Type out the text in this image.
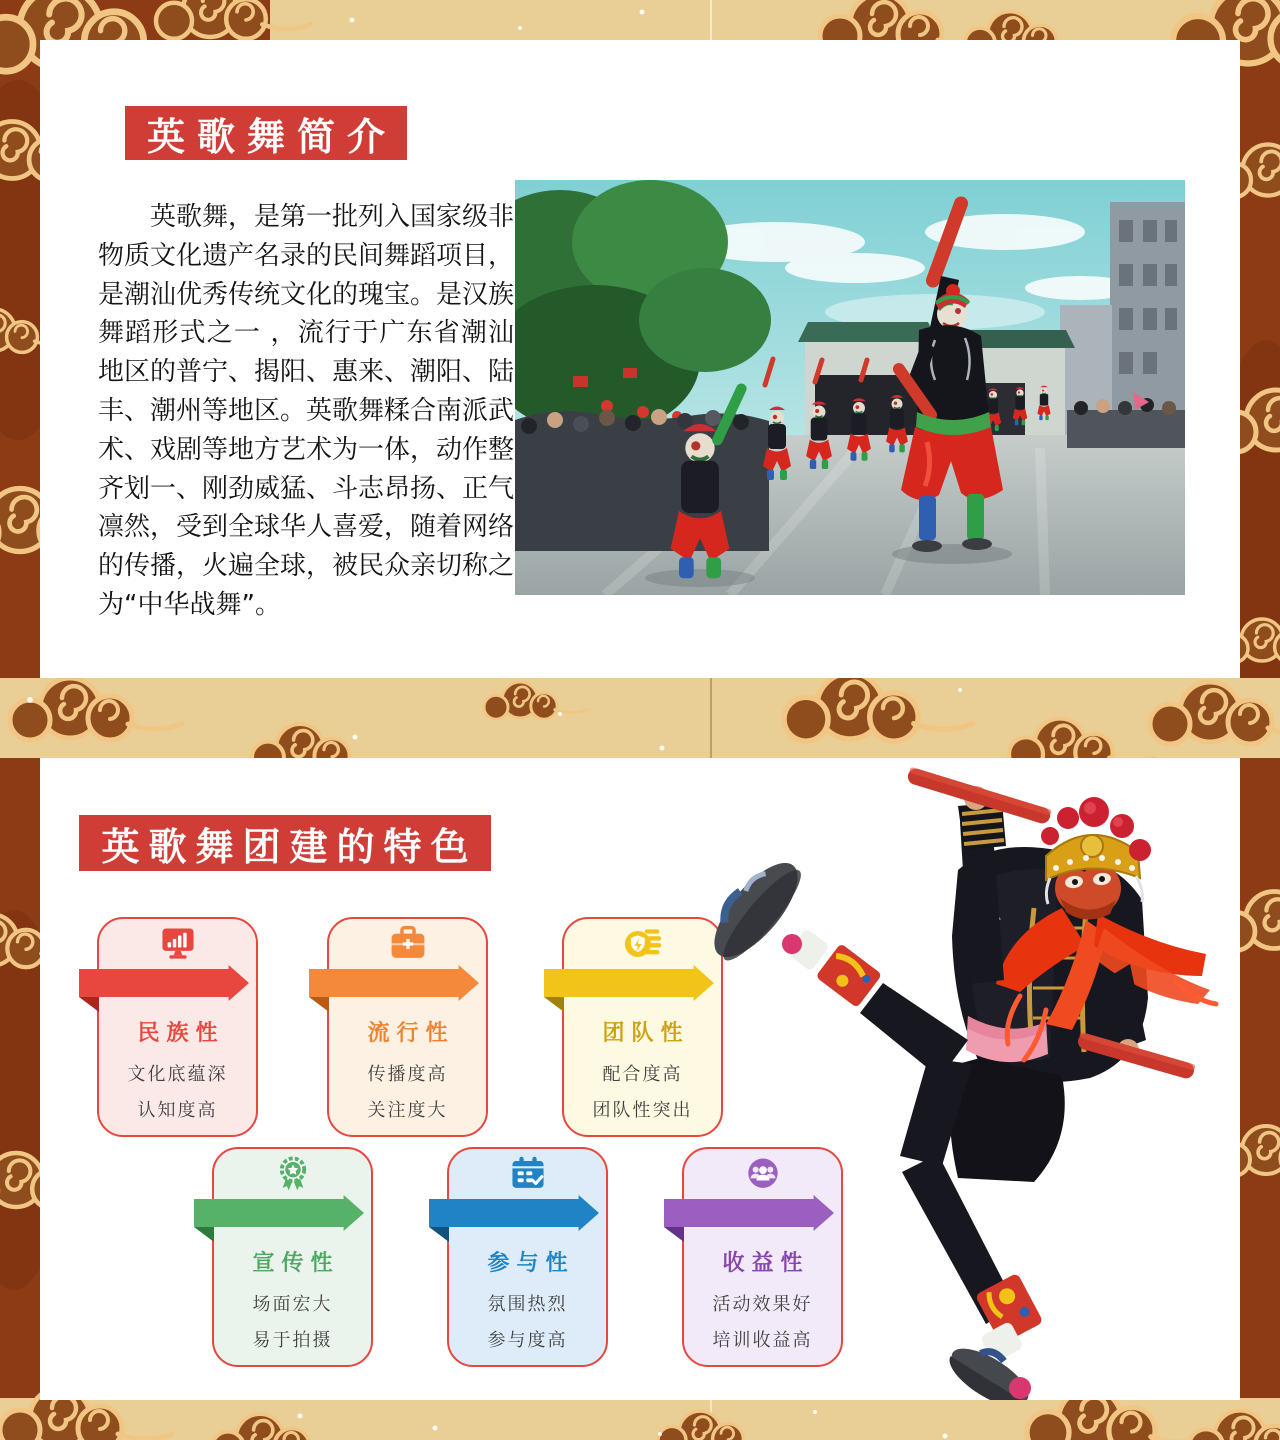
英歌舞简介

英歌舞，是第一批列入国家级非物质文化遗产名录的民间舞蹈项目，是潮汕优秀传统文化的瑰宝。是汉族舞蹈形式之一 ，流行于广东省潮汕地区的普宁、揭阳、惠来、潮阳、陆丰、潮州等地区。英歌舞糅合南派武术、戏剧等地方艺术为一体，动作整齐划一、刚劲威猛、斗志昂扬、正气凛然，受到全球华人喜爱，随着网络的传播，火遍全球，被民众亲切称之为“中华战舞”。

英歌舞团建的特色
民族性
文化底蕴深
认知度高
流行性
传播度高
关注度大
团队性
配合度高
团队性突出
宣传性
场面宏大
易于拍摄
参与性
氛围热烈
参与度高
收益性
活动效果好
培训收益高
